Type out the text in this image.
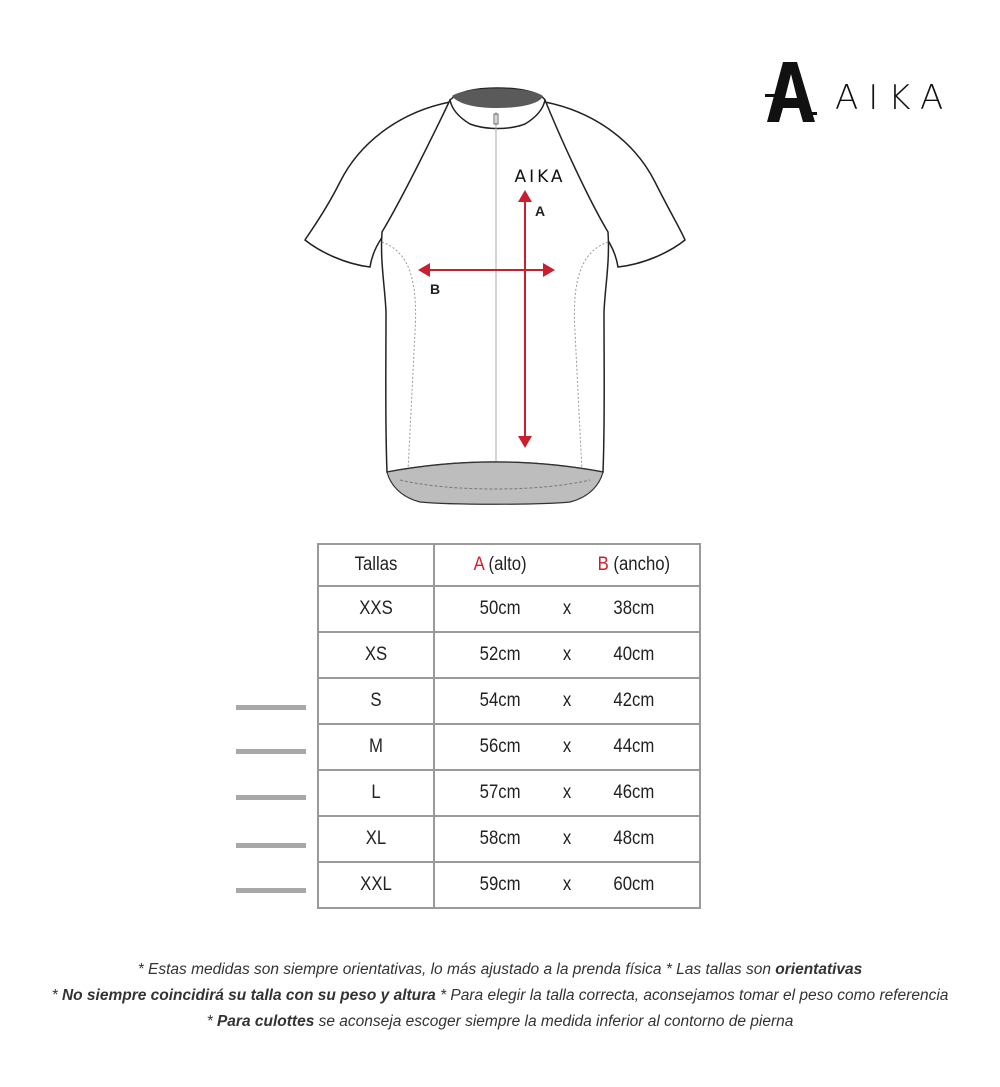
AIKA
AIKA
A
B
Tallas	A (alto) B (ancho)

XXS	50cm x 38cm

XS	52cm x 40cm

S	54cm x 42cm

M	56cm x 44cm

L	57cm x 46cm

XL	58cm x 48cm

XXL	59cm x 60cm

* Estas medidas son siempre orientativas, lo más ajustado a la prenda física * Las tallas son orientativas

* No siempre coincidirá su talla con su peso y altura * Para elegir la talla correcta, aconsejamos tomar el peso como referencia

* Para culottes se aconseja escoger siempre la medida inferior al contorno de pierna
